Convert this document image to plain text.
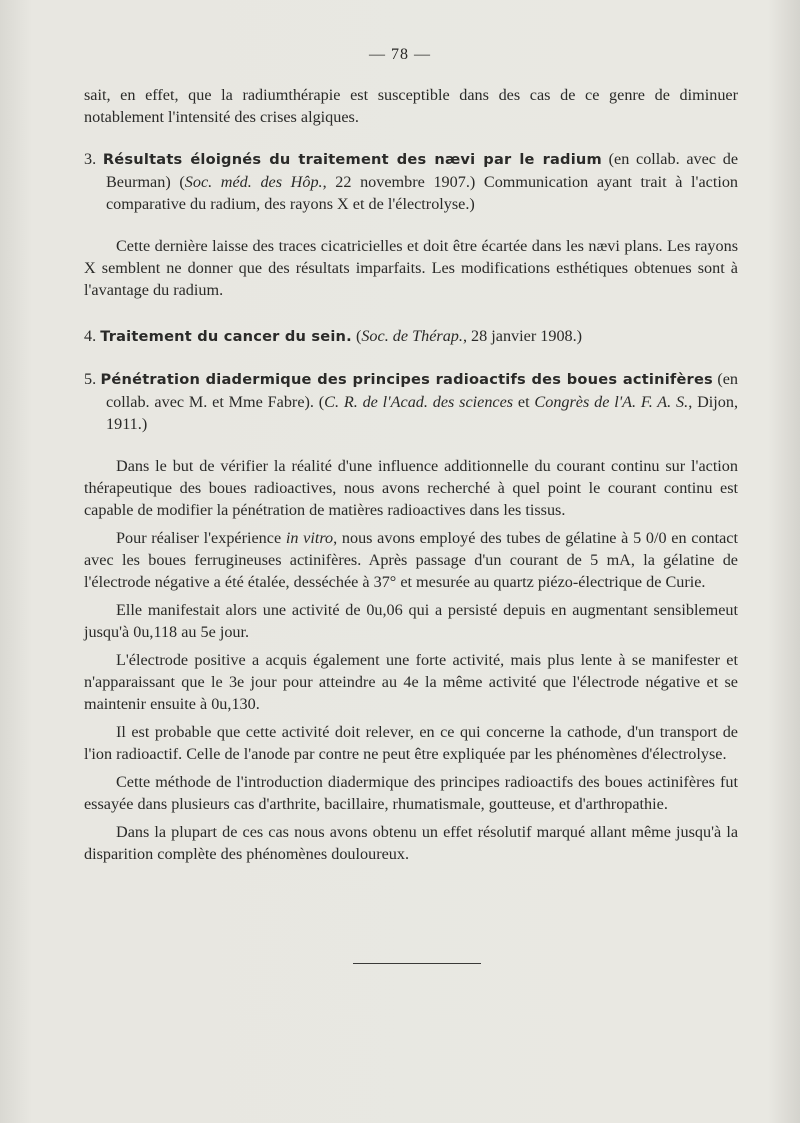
— 78 —

sait, en effet, que la radiumthérapie est susceptible dans des cas de ce genre de diminuer notablement l'intensité des crises algiques.

3. Résultats éloignés du traitement des nævi par le radium (en collab. avec de Beurman) (Soc. méd. des Hôp., 22 novembre 1907.) Communication ayant trait à l'action comparative du radium, des rayons X et de l'électrolyse.)

Cette dernière laisse des traces cicatricielles et doit être écartée dans les nævi plans. Les rayons X semblent ne donner que des résultats imparfaits. Les modifications esthétiques obtenues sont à l'avantage du radium.

4. Traitement du cancer du sein. (Soc. de Thérap., 28 janvier 1908.)

5. Pénétration diadermique des principes radioactifs des boues actinifères (en collab. avec M. et Mme Fabre). (C. R. de l'Acad. des sciences et Congrès de l'A. F. A. S., Dijon, 1911.)

Dans le but de vérifier la réalité d'une influence additionnelle du courant continu sur l'action thérapeutique des boues radioactives, nous avons recherché à quel point le courant continu est capable de modifier la pénétration de matières radioactives dans les tissus.

Pour réaliser l'expérience in vitro, nous avons employé des tubes de gélatine à 5 0/0 en contact avec les boues ferrugineuses actinifères. Après passage d'un courant de 5 mA, la gélatine de l'électrode négative a été étalée, desséchée à 37° et mesurée au quartz piézo-électrique de Curie.

Elle manifestait alors une activité de 0u,06 qui a persisté depuis en augmentant sensiblemeut jusqu'à 0u,118 au 5e jour.

L'électrode positive a acquis également une forte activité, mais plus lente à se manifester et n'apparaissant que le 3e jour pour atteindre au 4e la même activité que l'électrode négative et se maintenir ensuite à 0u,130.

Il est probable que cette activité doit relever, en ce qui concerne la cathode, d'un transport de l'ion radioactif. Celle de l'anode par contre ne peut être expliquée par les phénomènes d'électrolyse.

Cette méthode de l'introduction diadermique des principes radioactifs des boues actinifères fut essayée dans plusieurs cas d'arthrite, bacillaire, rhumatismale, goutteuse, et d'arthropathie.

Dans la plupart de ces cas nous avons obtenu un effet résolutif marqué allant même jusqu'à la disparition complète des phénomènes douloureux.
